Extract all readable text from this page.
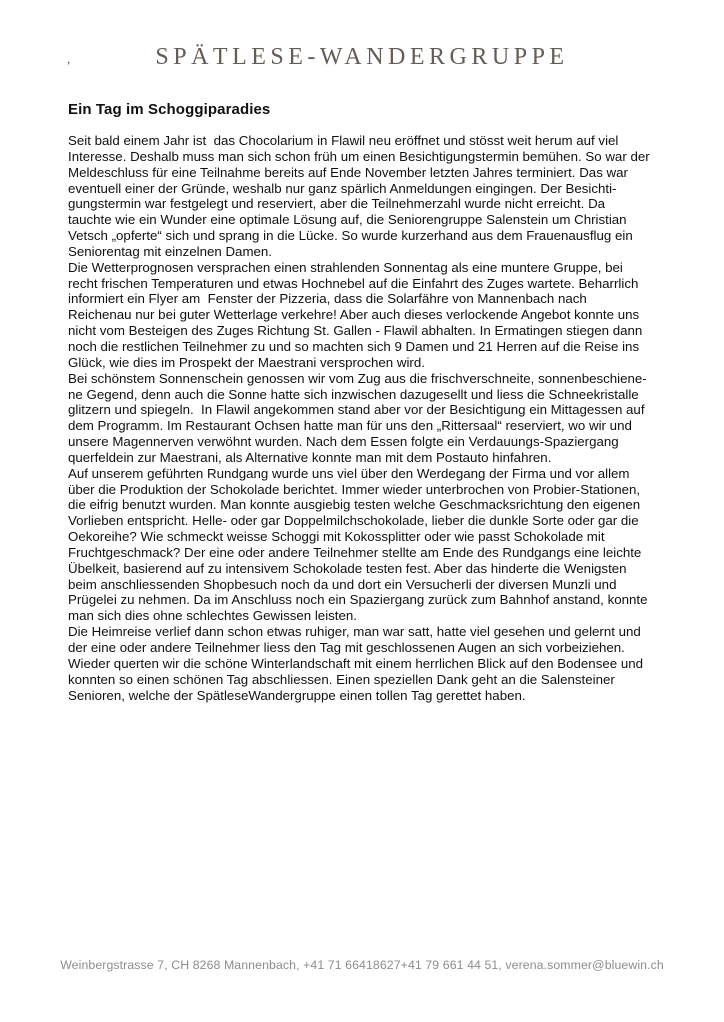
,	SPÄTLESE-WANDERGRUPPE
Ein Tag im Schoggiparadies
Seit bald einem Jahr ist  das Chocolarium in Flawil neu eröffnet und stösst weit herum auf viel
Interesse. Deshalb muss man sich schon früh um einen Besichtigungstermin bemühen. So war der
Meldeschluss für eine Teilnahme bereits auf Ende November letzten Jahres terminiert. Das war
eventuell einer der Gründe, weshalb nur ganz spärlich Anmeldungen eingingen. Der Besichti-
gungstermin war festgelegt und reserviert, aber die Teilnehmerzahl wurde nicht erreicht. Da
tauchte wie ein Wunder eine optimale Lösung auf, die Seniorengruppe Salenstein um Christian
Vetsch „opferte“ sich und sprang in die Lücke. So wurde kurzerhand aus dem Frauenausflug ein
Seniorentag mit einzelnen Damen.
Die Wetterprognosen versprachen einen strahlenden Sonnentag als eine muntere Gruppe, bei
recht frischen Temperaturen und etwas Hochnebel auf die Einfahrt des Zuges wartete. Beharrlich
informiert ein Flyer am  Fenster der Pizzeria, dass die Solarfähre von Mannenbach nach
Reichenau nur bei guter Wetterlage verkehre! Aber auch dieses verlockende Angebot konnte uns
nicht vom Besteigen des Zuges Richtung St. Gallen - Flawil abhalten. In Ermatingen stiegen dann
noch die restlichen Teilnehmer zu und so machten sich 9 Damen und 21 Herren auf die Reise ins
Glück, wie dies im Prospekt der Maestrani versprochen wird.
Bei schönstem Sonnenschein genossen wir vom Zug aus die frischverschneite, sonnenbeschiene-
ne Gegend, denn auch die Sonne hatte sich inzwischen dazugesellt und liess die Schneekristalle
glitzern und spiegeln.  In Flawil angekommen stand aber vor der Besichtigung ein Mittagessen auf
dem Programm. Im Restaurant Ochsen hatte man für uns den „Rittersaal“ reserviert, wo wir und
unsere Magennerven verwöhnt wurden. Nach dem Essen folgte ein Verdauungs-Spaziergang
querfeldein zur Maestrani, als Alternative konnte man mit dem Postauto hinfahren.
Auf unserem geführten Rundgang wurde uns viel über den Werdegang der Firma und vor allem
über die Produktion der Schokolade berichtet. Immer wieder unterbrochen von Probier-Stationen,
die eifrig benutzt wurden. Man konnte ausgiebig testen welche Geschmacksrichtung den eigenen
Vorlieben entspricht. Helle- oder gar Doppelmilchschokolade, lieber die dunkle Sorte oder gar die
Oekoreihe? Wie schmeckt weisse Schoggi mit Kokossplitter oder wie passt Schokolade mit
Fruchtgeschmack? Der eine oder andere Teilnehmer stellte am Ende des Rundgangs eine leichte
Übelkeit, basierend auf zu intensivem Schokolade testen fest. Aber das hinderte die Wenigsten
beim anschliessenden Shopbesuch noch da und dort ein Versucherli der diversen Munzli und
Prügelei zu nehmen. Da im Anschluss noch ein Spaziergang zurück zum Bahnhof anstand, konnte
man sich dies ohne schlechtes Gewissen leisten.
Die Heimreise verlief dann schon etwas ruhiger, man war satt, hatte viel gesehen und gelernt und
der eine oder andere Teilnehmer liess den Tag mit geschlossenen Augen an sich vorbeiziehen.
Wieder querten wir die schöne Winterlandschaft mit einem herrlichen Blick auf den Bodensee und
konnten so einen schönen Tag abschliessen. Einen speziellen Dank geht an die Salensteiner
Senioren, welche der SpätleseWandergruppe einen tollen Tag gerettet haben.
Weinbergstrasse 7, CH 8268 Mannenbach, +41 71 66418627+41 79 661 44 51, verena.sommer@bluewin.ch
